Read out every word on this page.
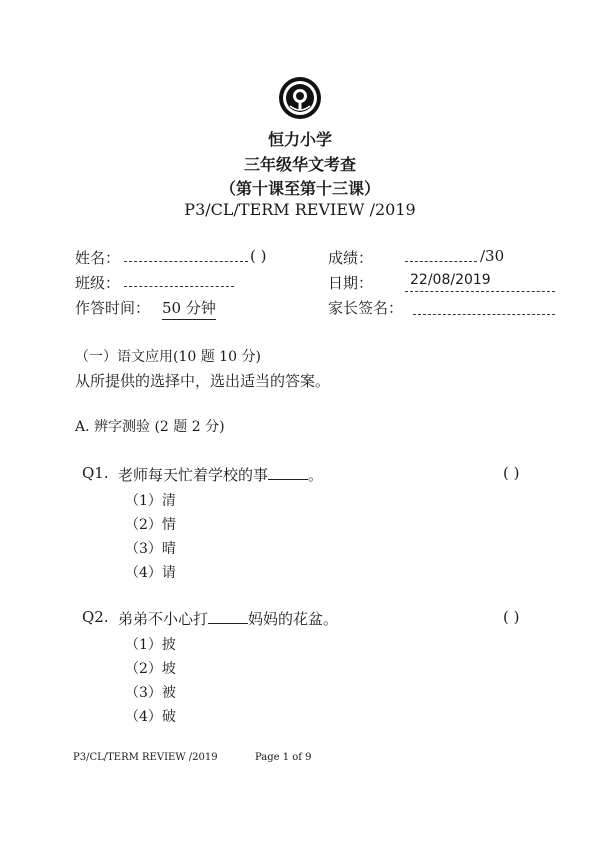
恒力小学
三年级华文考查
（第十课至第十三课）
P3/CL/TERM REVIEW /2019
姓名：	( )	成绩：	/30
班级：	日期：	22/08/2019
作答时间： 50 分钟	家长签名：
（一）语文应用(10 题 10 分)
从所提供的选择中，选出适当的答案。
A. 辨字测验 (2 题 2 分)
Q1. 老师每天忙着学校的事	。	( )
（1）清
（2）情
（3）晴
（4）请
Q2. 弟弟不小心打	妈妈的花盆。	( )
（1）披
（2）坡
（3）被
（4）破
P3/CL/TERM REVIEW /2019	Page 1 of 9
